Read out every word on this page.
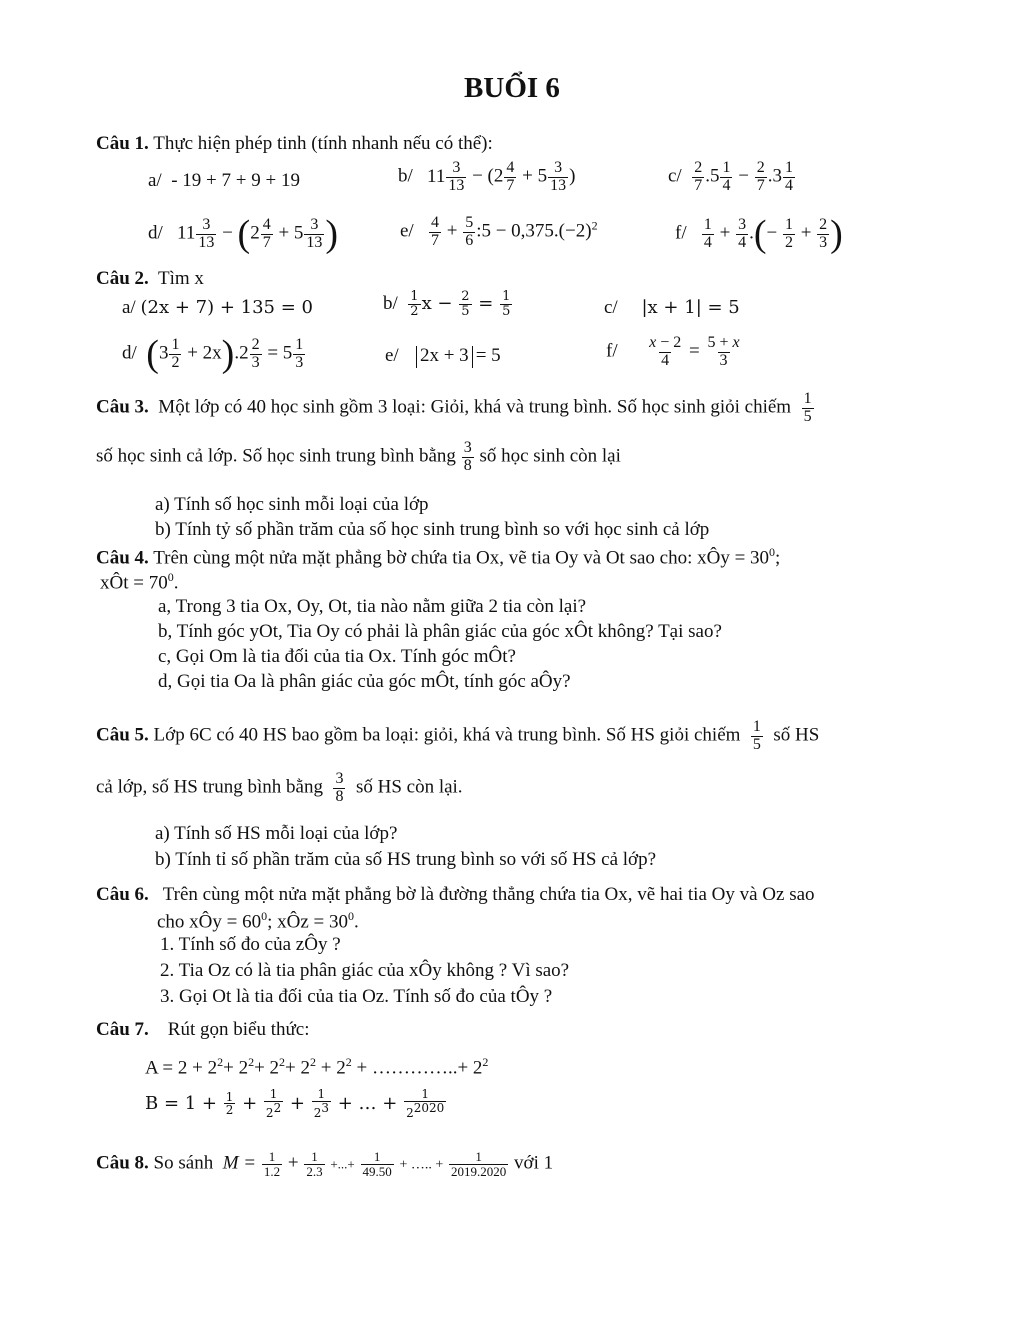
BUỔI 6
Câu 1. Thực hiện phép tinh (tính nhanh nếu có thể):
a/ - 19 + 7 + 9 + 19	b/ $11 \frac{3}{13} - (2 \frac{4}{7} + 5 \frac{3}{13}$ )	$c/ \frac{2}{7} .5 \frac{1}{4} - \frac{2}{7} .3 \frac{1}{4}$
d/   $11 \frac{3}{13} - (2 \frac{4}{7} + 5 \frac{3}{13}$ )	$e/ \frac{4}{7} + \frac{5}{6}$ :5 − $0,375.(-2)^2$	$f/ \frac{1}{4} + \frac{3}{4}$ .(− $\frac{1}{2} + \frac{2}{3}$ )
Câu 2. Tìm x
a/ (2x + 7) + 135 = 0	$b/ \frac{1}{2}$ $x - \frac{2}{5} = \frac{1}{5}$	c/ |x + 1| = 5
d/ $(3 \frac{1}{2} + 2x).2 \frac{2}{3} = 5 \frac{1}{3}$	e/ 2x + 3 = 5	$f/ \frac{x - 2}{4} = \frac{5 + x}{3}$
Câu 3. Một lớp có 40 học sinh gồm 3 loại: Giỏi, khá và trung bình. Số học sinh giỏi chiếm $\frac{1}{5}$
số học sinh cả lớp. Số học sinh trung bình bằng $\frac{3}{8}$ số học sinh còn lại
a) Tính số học sinh mỗi loại của lớp
b) Tính tỷ số phần trăm của số học sinh trung bình so với học sinh cả lớp
Câu 4. Trên cùng một nửa mặt phẳng bờ chứa tia Ox, vẽ tia Oy và Ot sao cho: xÔy = $30^0$;
xÔt = $70^0$.
a, Trong 3 tia Ox, Oy, Ot, tia nào nằm giữa 2 tia còn lại?
b, Tính góc yOt, Tia Oy có phải là phân giác của góc xÔt không? Tại sao?
c, Gọi Om là tia đối của tia Ox. Tính góc mÔt?
d, Gọi tia Oa là phân giác của góc mÔt, tính góc aÔy?
Câu 5. Lớp 6C có 40 HS bao gồm ba loại: giỏi, khá và trung bình. Số HS giỏi chiếm $\frac{1}{5}$ số HS
cả lớp, số HS trung bình bằng $\frac{3}{8}$ số HS còn lại.
a) Tính số HS mỗi loại của lớp?
b) Tính tỉ số phần trăm của số HS trung bình so với số HS cả lớp?
Câu 6. Trên cùng một nửa mặt phẳng bờ là đường thẳng chứa tia Ox, vẽ hai tia Oy và Oz sao
cho xÔy = $60^0$; xÔz = $30^0$.
1. Tính số đo của zÔy ?
2. Tia Oz có là tia phân giác của xÔy không ? Vì sao?
3. Gọi Ot là tia đối của tia Oz. Tính số đo của tÔy ?
Câu 7. Rút gọn biểu thức:
$A = 2 + 2^2+ 2^2+ 2^2+ 2^2 + 2^2$ + …………..+ $2^2$
$B = 1 + \frac{1}{2} + \frac{1}{2^2} + \frac{1}{2^3}$ + … + $\frac{1}{2^{2020}}$
Câu 8. So sánh $M = \frac{1}{1.2} + \frac{1}{2.3}$ +...+ $\frac{1}{49.50}$ + ….. + $\frac{1}{2019.2020}$ với 1
